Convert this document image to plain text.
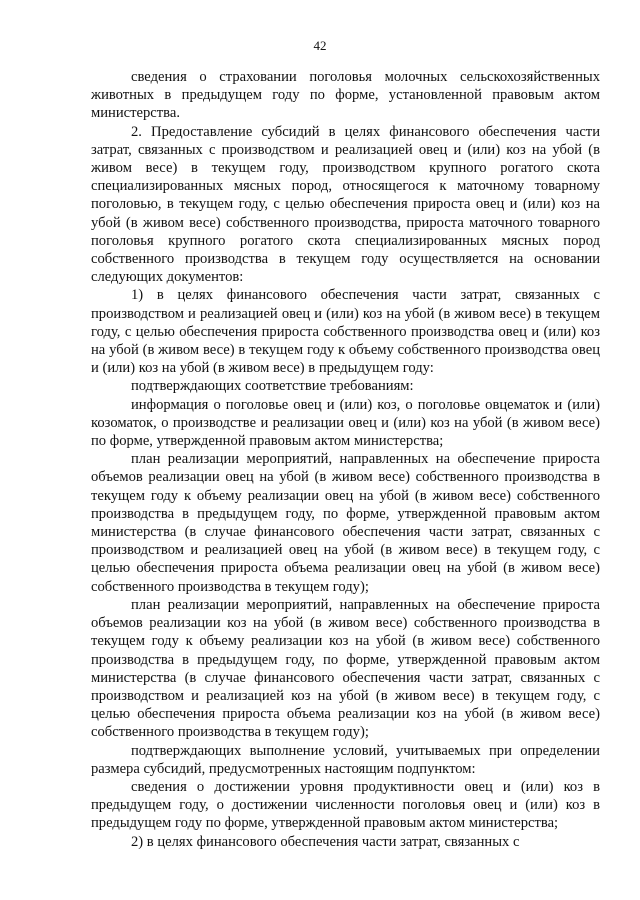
42

сведения о страховании поголовья молочных сельскохозяйственных животных в предыдущем году по форме, установленной правовым актом министерства.

2. Предоставление субсидий в целях финансового обеспечения части затрат, связанных с производством и реализацией овец и (или) коз на убой (в живом весе) в текущем году, производством крупного рогатого скота специализированных мясных пород, относящегося к маточному товарному поголовью, в текущем году, с целью обеспечения прироста овец и (или) коз на убой (в живом весе) собственного производства, прироста маточного товарного поголовья крупного рогатого скота специализированных мясных пород собственного производства в текущем году осуществляется на основании следующих документов:

1) в целях финансового обеспечения части затрат, связанных с производством и реализацией овец и (или) коз на убой (в живом весе) в текущем году, с целью обеспечения прироста собственного производства овец и (или) коз на убой (в живом весе) в текущем году к объему собственного производства овец и (или) коз на убой (в живом весе) в предыдущем году:

подтверждающих соответствие требованиям:

информация о поголовье овец и (или) коз, о поголовье овцематок и (или) козоматок, о производстве и реализации овец и (или) коз на убой (в живом весе) по форме, утвержденной правовым актом министерства;

план реализации мероприятий, направленных на обеспечение прироста объемов реализации овец на убой (в живом весе) собственного производства в текущем году к объему реализации овец на убой (в живом весе) собственного производства в предыдущем году, по форме, утвержденной правовым актом министерства (в случае финансового обеспечения части затрат, связанных с производством и реализацией овец на убой (в живом весе) в текущем году, с целью обеспечения прироста объема реализации овец на убой (в живом весе) собственного производства в текущем году);

план реализации мероприятий, направленных на обеспечение прироста объемов реализации коз на убой (в живом весе) собственного производства в текущем году к объему реализации коз на убой (в живом весе) собственного производства в предыдущем году, по форме, утвержденной правовым актом министерства (в случае финансового обеспечения части затрат, связанных с производством и реализацией коз на убой (в живом весе) в текущем году, с целью обеспечения прироста объема реализации коз на убой (в живом весе) собственного производства в текущем году);

подтверждающих выполнение условий, учитываемых при определении размера субсидий, предусмотренных настоящим подпунктом:

сведения о достижении уровня продуктивности овец и (или) коз в предыдущем году, о достижении численности поголовья овец и (или) коз в предыдущем году по форме, утвержденной правовым актом министерства;

2) в целях финансового обеспечения части затрат, связанных с
